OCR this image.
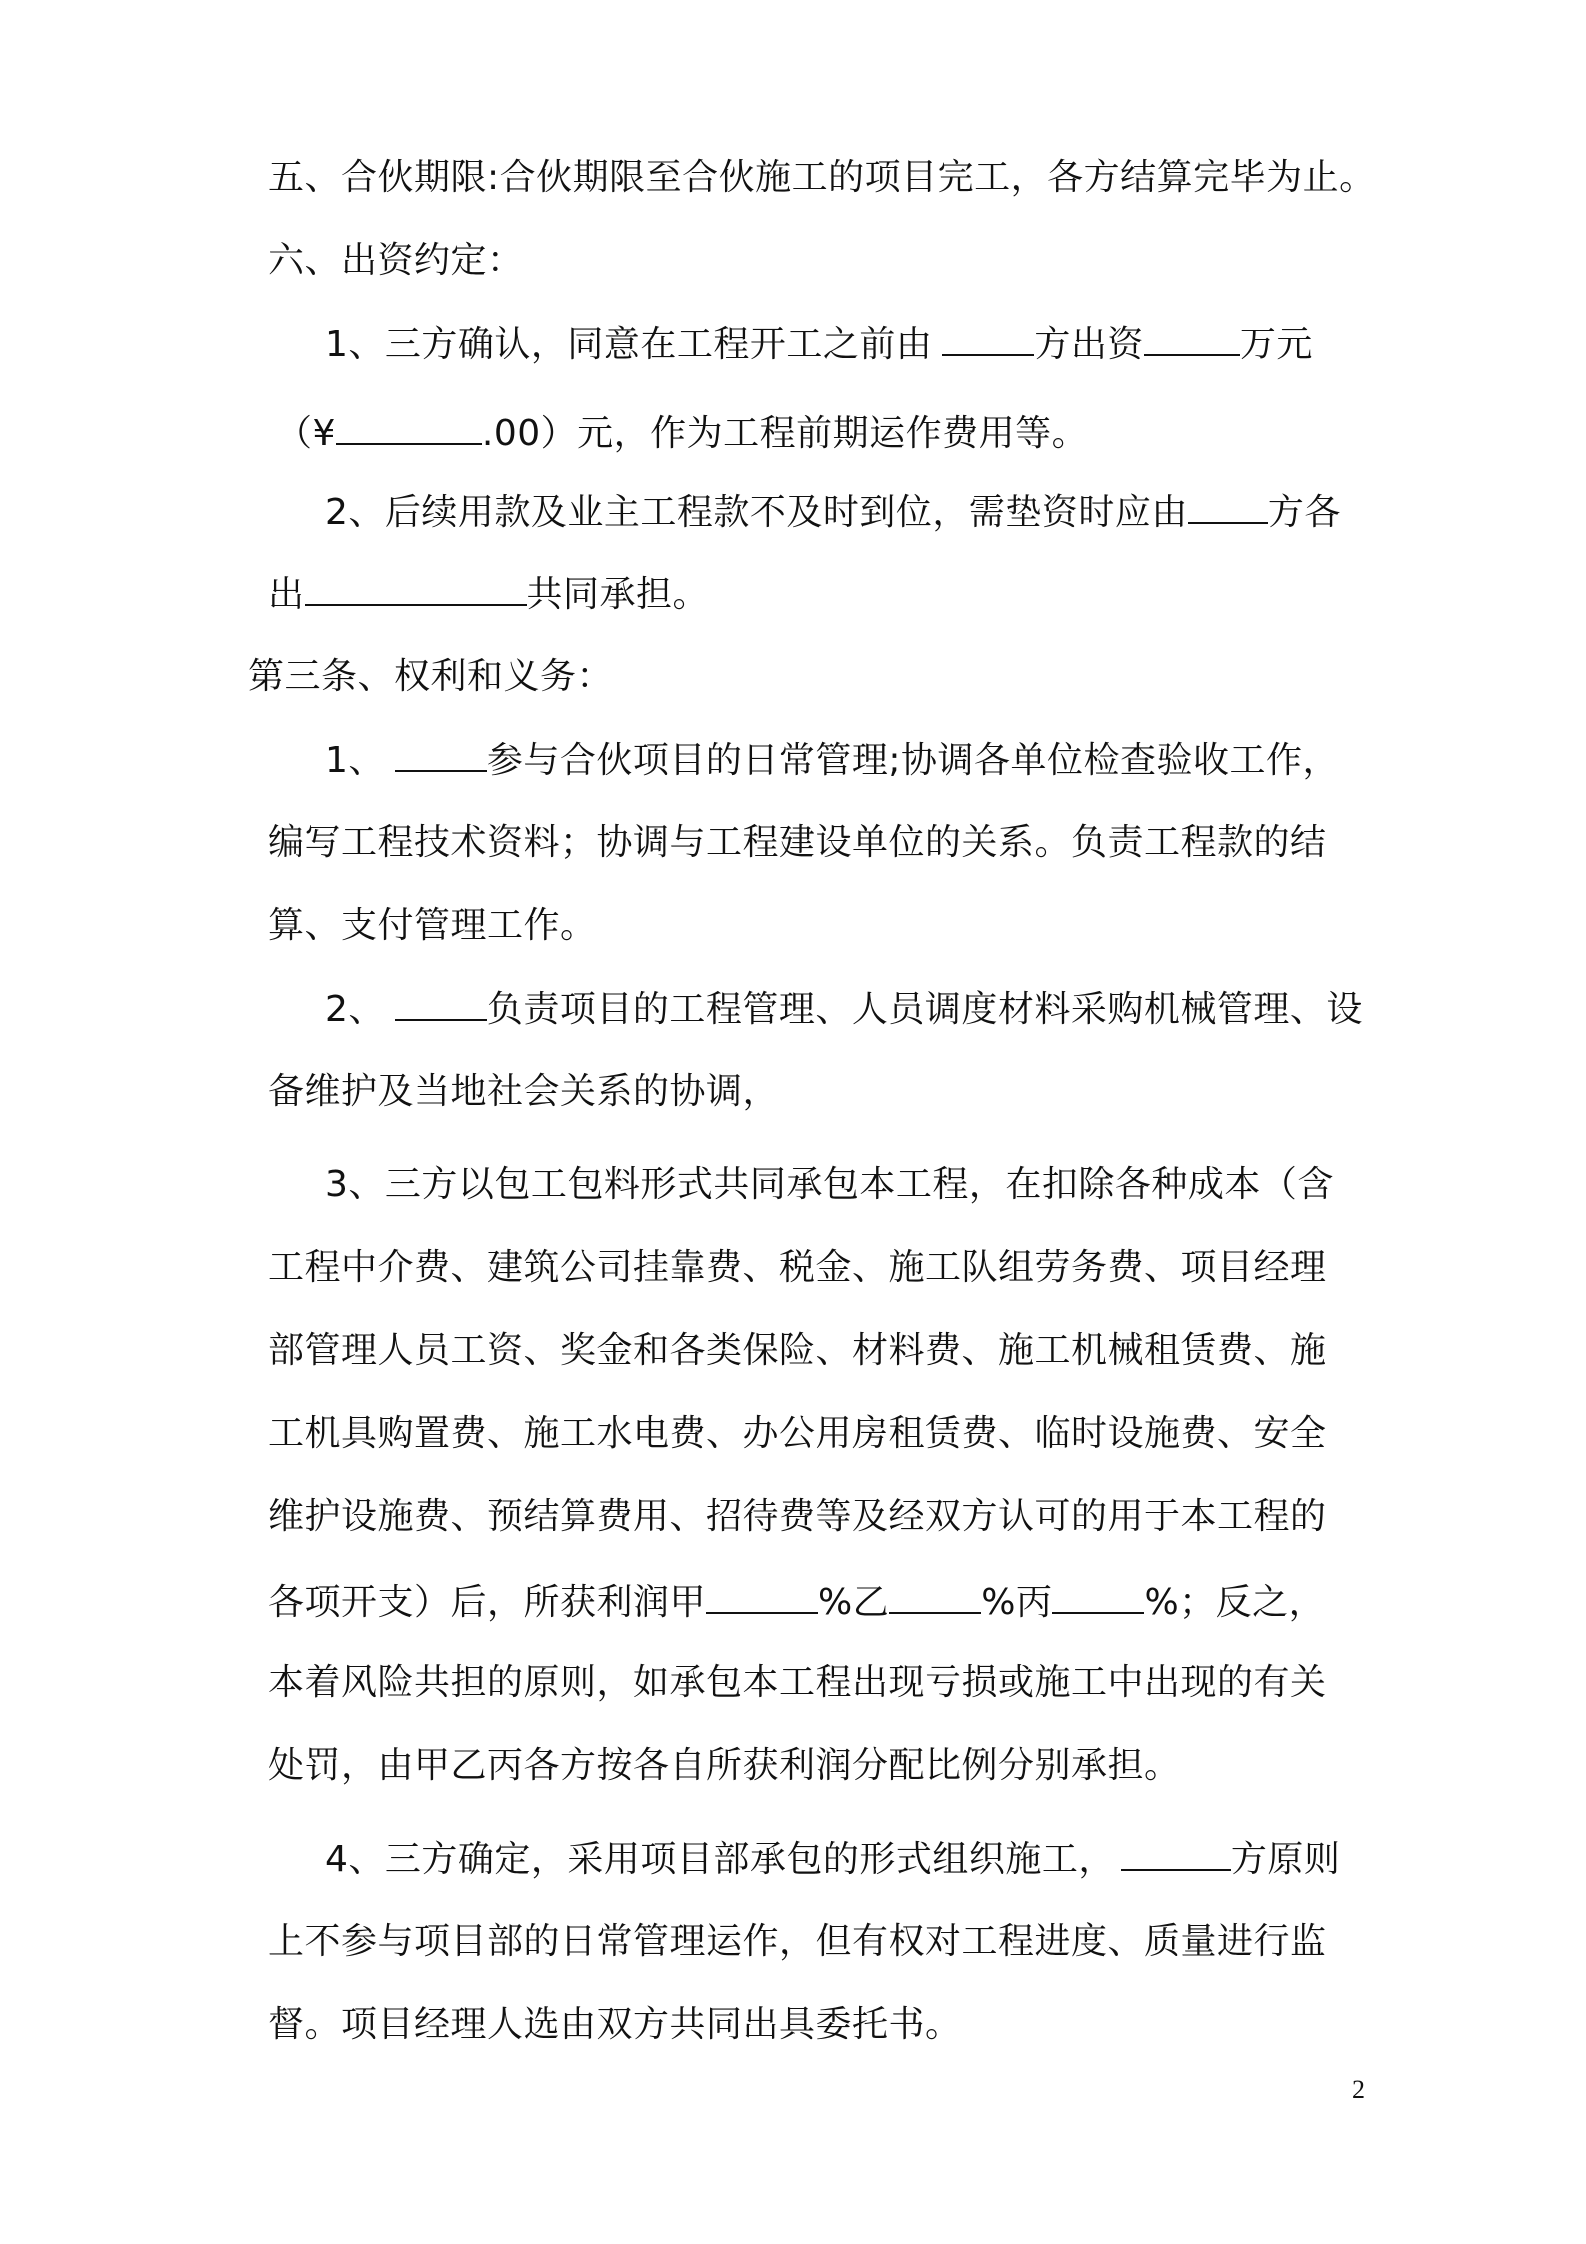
五、合伙期限:合伙期限至合伙施工的项目完工，各方结算完毕为止。
六、出资约定：
1、三方确认，同意在工程开工之前由	方出资	万元
（¥	.00）元，作为工程前期运作费用等。
2、后续用款及业主工程款不及时到位，需垫资时应由 方各
出	共同承担。
第三条、权利和义务：
1、	参与合伙项目的日常管理;协调各单位检查验收工作，
编写工程技术资料；协调与工程建设单位的关系。负责工程款的结
算、支付管理工作。
2、	负责项目的工程管理、人员调度材料采购机械管理、设
备维护及当地社会关系的协调，
3、三方以包工包料形式共同承包本工程，在扣除各种成本（含
工程中介费、建筑公司挂靠费、税金、施工队组劳务费、项目经理
部管理人员工资、奖金和各类保险、材料费、施工机械租赁费、施
工机具购置费、施工水电费、办公用房租赁费、临时设施费、安全
维护设施费、预结算费用、招待费等及经双方认可的用于本工程的
各项开支）后，所获利润甲	%乙	%丙	%；反之，
本着风险共担的原则，如承包本工程出现亏损或施工中出现的有关
处罚，由甲乙丙各方按各自所获利润分配比例分别承担。
4、三方确定，采用项目部承包的形式组织施工，	方原则
上不参与项目部的日常管理运作，但有权对工程进度、质量进行监
督。项目经理人选由双方共同出具委托书。
2
